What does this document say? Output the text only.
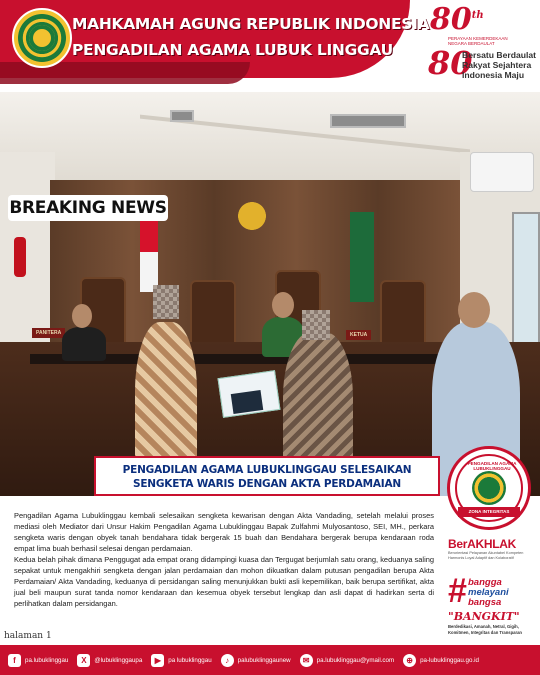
MAHKAMAH AGUNG REPUBLIK INDONESIA
PENGADILAN AGAMA LUBUK LINGGAU
80th
PERAYAAN KEMERDEKAAN NEGARA BERDAULAT
80
Bersatu Berdaulat Rakyat Sejahtera Indonesia Maju
PANITERA	KETUA
BREAKING NEWS
PENGADILAN AGAMA LUBUKLINGGAU SELESAIKAN
SENGKETA WARIS DENGAN AKTA PERDAMAIAN

Pengadilan Agama Lubuklinggau kembali selesaikan sengketa kewarisan dengan Akta Vandading, setelah melalui proses mediasi oleh Mediator dari Unsur Hakim Pengadilan Agama Lubuklinggau Bapak Zulfahmi Mulyosantoso, SEI, MH., perkara sengketa waris dengan obyek tanah bendahara tidak bergerak 15 buah dan Bendahara bergerak berupa kendaraan roda empat lima buah berhasil selesai dengan perdamaian.

Kedua belah pihak dimana Penggugat ada empat orang didampingi kuasa dan Tergugat berjumlah satu orang, keduanya saling sepakat untuk mengakhiri sengketa dengan jalan perdamaian dan mohon dikuatkan dalam putusan pengadilan berupa Akta Perdamaian/ Akta Vandading, keduanya di persidangan saling menunjukkan bukti asli kepemilikan, baik berupa sertifikat, akta jual beli maupun surat tanda nomor kendaraan dan kesemua obyek tersebut lengkap dan asli dapat di hadirkan serta di perlihatkan dalam persidangan.

halaman 1
PENGADILAN AGAMA LUBUKLINGGAU
ZONA INTEGRITAS
BerAKHLAK
Berorientasi Pelayanan Akuntabel Kompeten Harmonis Loyal Adaptif dan Kolaboratif
# bangga
melayani
bangsa
"BANGKIT"
Berdedikasi, Amanah, Netral, Gigih, Komitmen, Integritas dan Transparan
f	pa.lubuklinggau	X	@lubuklinggaupa	▶	pa lubuklinggau	♪	palubuklinggaunew	✉	pa.lubuklinggau@ymail.com	⊕	pa-lubuklinggau.go.id
